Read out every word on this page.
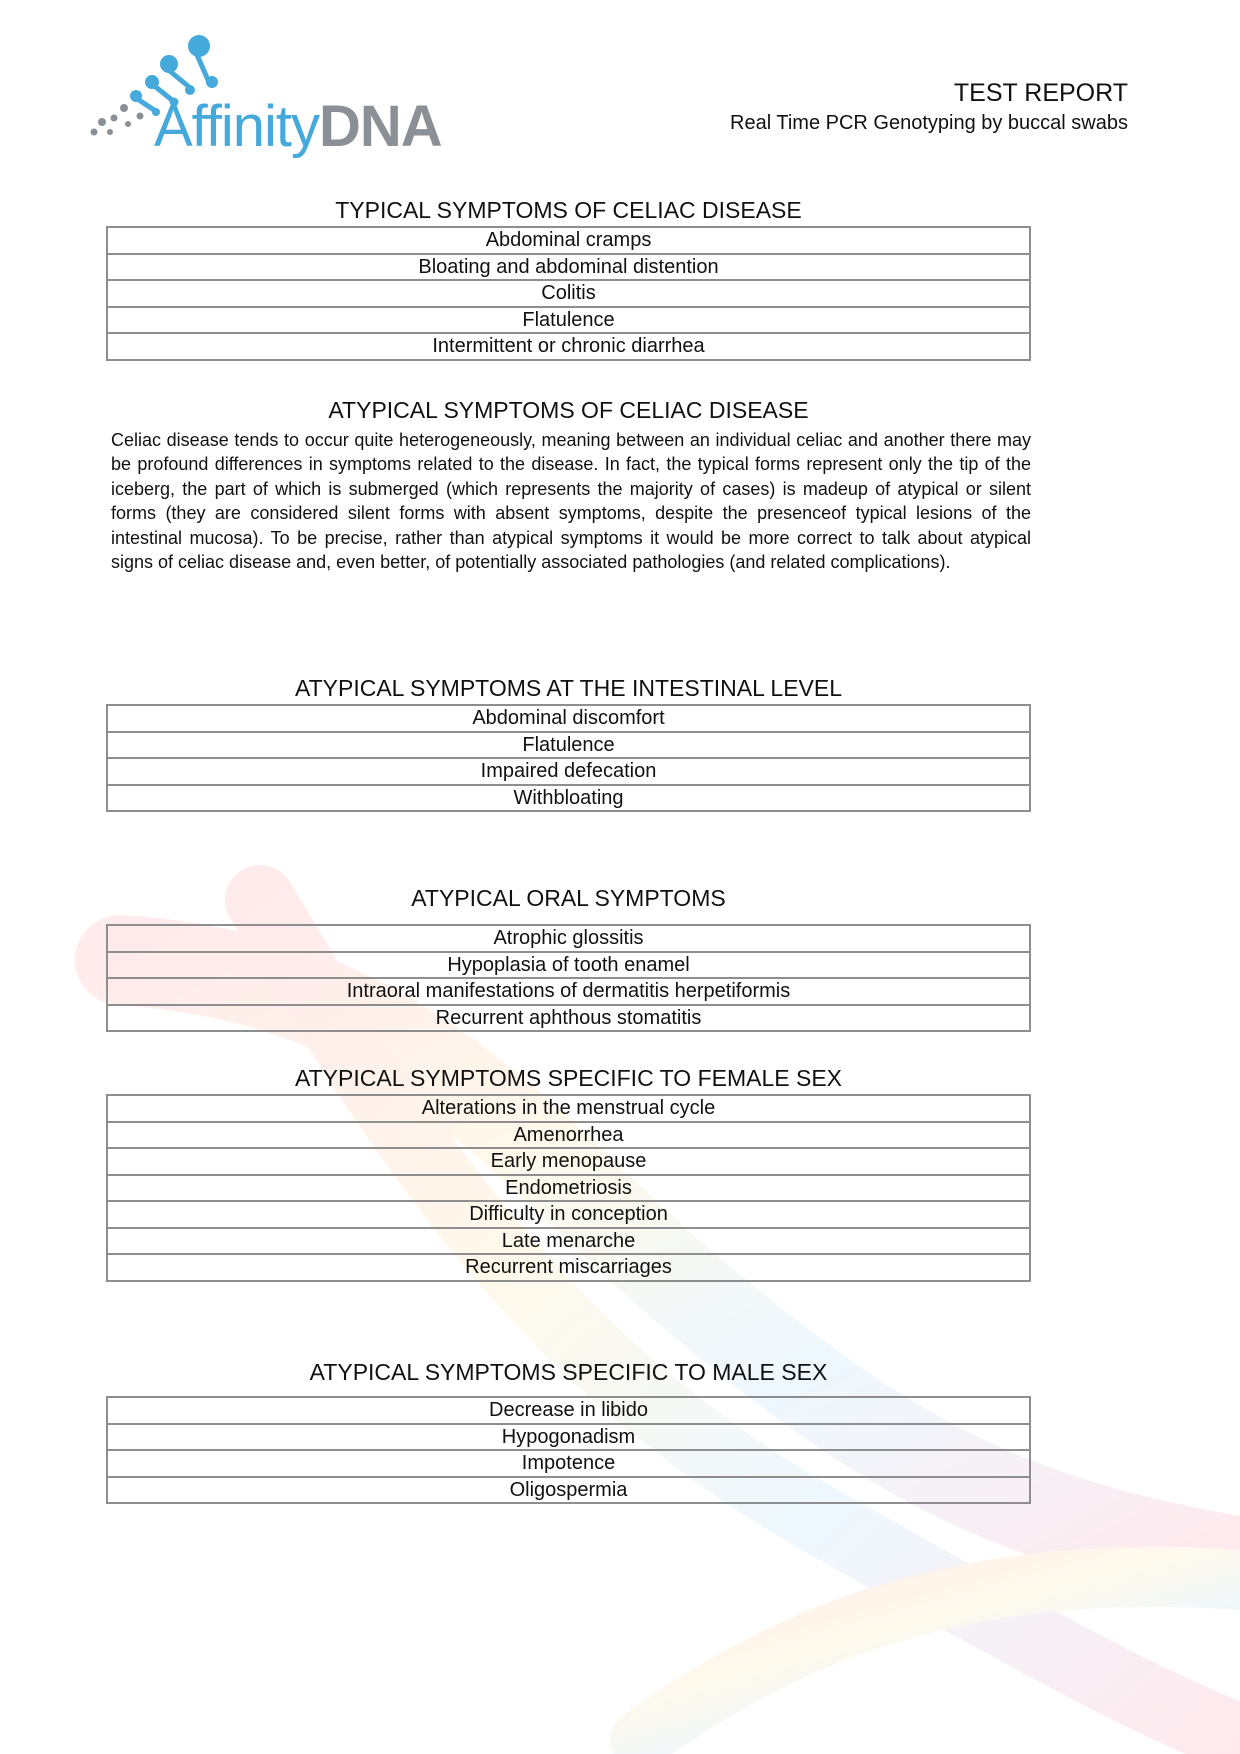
AffinityDNA
TEST REPORT
Real Time PCR Genotyping by buccal swabs
TYPICAL SYMPTOMS OF CELIAC DISEASE
Abdominal cramps
Bloating and abdominal distention
Colitis
Flatulence
Intermittent or chronic diarrhea
ATYPICAL SYMPTOMS OF CELIAC DISEASE
Celiac disease tends to occur quite heterogeneously, meaning between an individual celiac and another there may be profound differences in symptoms related to the disease. In fact, the typical forms represent only the tip of the iceberg, the part of which is submerged (which represents the majority of cases) is madeup of atypical or silent forms (they are considered silent forms with absent symptoms, despite the presenceof typical lesions of the intestinal mucosa). To be precise, rather than atypical symptoms it would be more correct to talk about atypical signs of celiac disease and, even better, of potentially associated pathologies (and related complications).
ATYPICAL SYMPTOMS AT THE INTESTINAL LEVEL
Abdominal discomfort
Flatulence
Impaired defecation
Withbloating
ATYPICAL ORAL SYMPTOMS
Atrophic glossitis
Hypoplasia of tooth enamel
Intraoral manifestations of dermatitis herpetiformis
Recurrent aphthous stomatitis
ATYPICAL SYMPTOMS SPECIFIC TO FEMALE SEX
Alterations in the menstrual cycle
Amenorrhea
Early menopause
Endometriosis
Difficulty in conception
Late menarche
Recurrent miscarriages
ATYPICAL SYMPTOMS SPECIFIC TO MALE SEX
Decrease in libido
Hypogonadism
Impotence
Oligospermia
